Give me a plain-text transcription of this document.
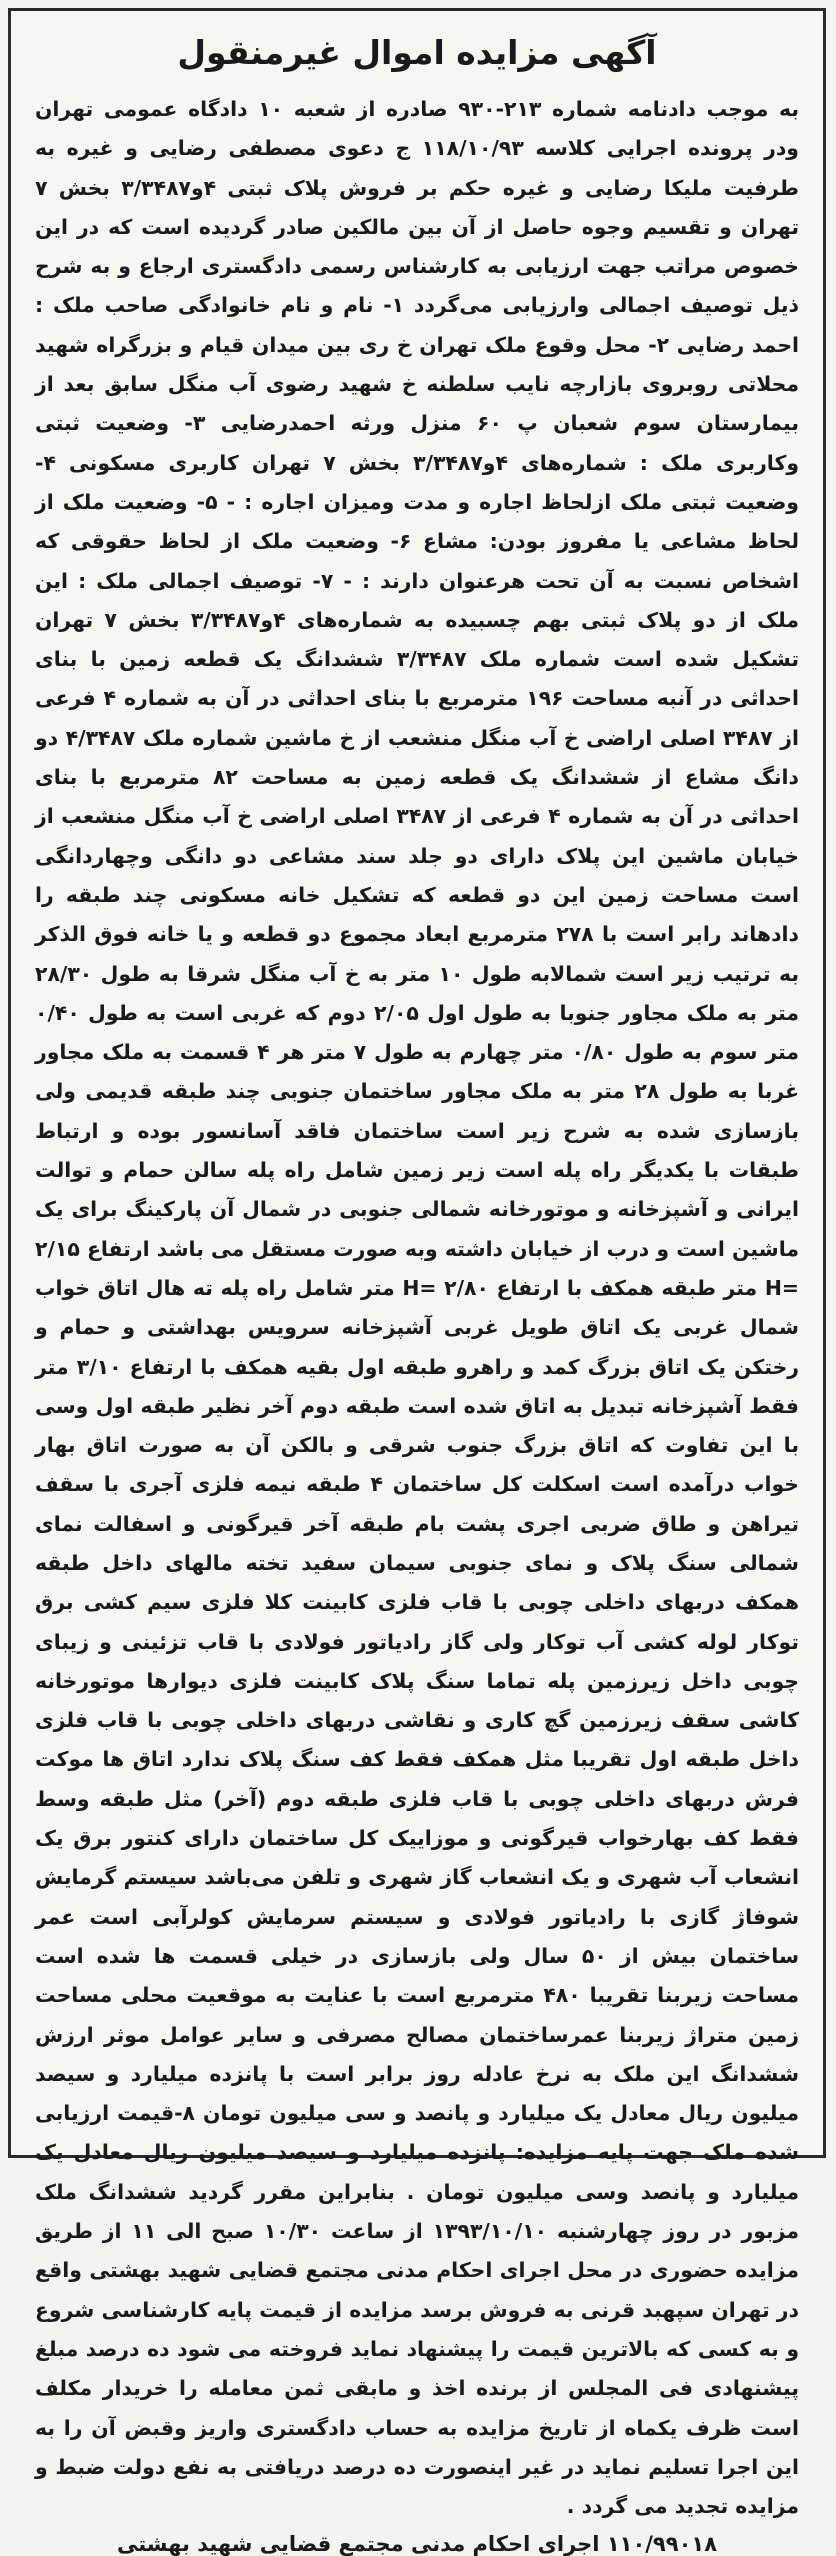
آگهی مزایده اموال غیرمنقول

به موجب دادنامه شماره ۲۱۳-۹۳۰ صادره از شعبه ۱۰ دادگاه عمومی تهران ودر پرونده اجرایی کلاسه ۱۱۸/۱۰/۹۳ ج دعوی مصطفی رضایی و غیره به طرفیت ملیکا رضایی و غیره حکم بر فروش پلاک ثبتی ۴و۳/۳۴۸۷ بخش ۷ تهران و تقسیم وجوه حاصل از آن بین مالکین صادر گردیده است که در این خصوص مراتب جهت ارزیابی به کارشناس رسمی دادگستری ارجاع و به شرح ذیل توصیف اجمالی وارزیابی می‌گردد ۱- نام و نام خانوادگی صاحب ملک : احمد رضایی ۲- محل وقوع ملک تهران خ ری بین میدان قیام و بزرگراه شهید محلاتی روبروی بازارچه نایب سلطنه خ شهید رضوی آب منگل سابق بعد از بیمارستان سوم شعبان پ ۶۰ منزل ورثه احمدرضایی ۳- وضعیت ثبتی وکاربری ملک : شماره‌های ۴و۳/۳۴۸۷ بخش ۷ تهران کاربری مسکونی ۴- وضعیت ثبتی ملک ازلحاظ اجاره و مدت ومیزان اجاره : - ۵- وضعیت ملک از لحاظ مشاعی یا مفروز بودن: مشاع ۶- وضعیت ملک از لحاظ حقوقی که اشخاص نسبت به آن تحت هرعنوان دارند : - ۷- توصیف اجمالی ملک : این ملک از دو پلاک ثبتی بهم چسبیده به شماره‌های ۴و۳/۳۴۸۷ بخش ۷ تهران تشکیل شده است شماره ملک ۳/۳۴۸۷ ششدانگ یک قطعه زمین با بنای احداثی در آنبه مساحت ۱۹۶ مترمربع با بنای احداثی در آن به شماره ۴ فرعی از ۳۴۸۷ اصلی اراضی خ آب منگل منشعب از خ ماشین شماره ملک ۴/۳۴۸۷ دو دانگ مشاع از ششدانگ یک قطعه زمین به مساحت ۸۲ مترمربع با بنای احداثی در آن به شماره ۴ فرعی از ۳۴۸۷ اصلی اراضی خ آب منگل منشعب از خیابان ماشین این پلاک دارای دو جلد سند مشاعی دو دانگی وچهاردانگی است مساحت زمین این دو قطعه که تشکیل خانه مسکونی چند طبقه را دادهاند رابر است با ۲۷۸ مترمربع ابعاد مجموع دو قطعه و یا خانه فوق الذکر به ترتیب زیر است شمالابه طول ۱۰ متر به خ آب منگل شرقا به طول ۲۸/۳۰ متر به ملک مجاور جنوبا به طول اول ۲/۰۵ دوم که غربی است به طول ۰/۴۰ متر سوم به طول ۰/۸۰ متر چهارم به طول ۷ متر هر ۴ قسمت به ملک مجاور غربا به طول ۲۸ متر به ملک مجاور ساختمان جنوبی چند طبقه قدیمی ولی بازسازی شده به شرح زیر است ساختمان فاقد آسانسور بوده و ارتباط طبقات با یکدیگر راه پله است زیر زمین شامل راه پله سالن حمام و توالت ایرانی و آشپزخانه و موتورخانه شمالی جنوبی در شمال آن پارکینگ برای یک ماشین است و درب از خیابان داشته وبه صورت مستقل می باشد ارتفاع ۲/۱۵ =H متر طبقه همکف با ارتفاع ۲/۸۰ =H متر شامل راه پله ته هال اتاق خواب شمال غربی یک اتاق طویل غربی آشپزخانه سرویس بهداشتی و حمام و رختکن یک اتاق بزرگ کمد و راهرو طبقه اول بقیه همکف با ارتفاع ۳/۱۰ متر فقط آشپزخانه تبدیل به اتاق شده است طبقه دوم آخر نظیر طبقه اول وسی با این تفاوت که اتاق بزرگ جنوب شرقی و بالکن آن به صورت اتاق بهار خواب درآمده است اسکلت کل ساختمان ۴ طبقه نیمه فلزی آجری با سقف تیراهن و طاق ضربی اجری پشت بام طبقه آخر قیرگونی و اسفالت نمای شمالی سنگ پلاک و نمای جنوبی سیمان سفید تخته مالهای داخل طبقه همکف دربهای داخلی چوبی با قاب فلزی کابینت کلا فلزی سیم کشی برق توکار لوله کشی آب توکار ولی گاز رادیاتور فولادی با قاب تزئینی و زیبای چوبی داخل زیرزمین پله تماما سنگ پلاک کابینت فلزی دیوارها موتورخانه کاشی سقف زیرزمین گچ کاری و نقاشی دربهای داخلی چوبی با قاب فلزی داخل طبقه اول تقریبا مثل همکف فقط کف سنگ پلاک ندارد اتاق ها موکت فرش دربهای داخلی چوبی با قاب فلزی طبقه دوم (آخر) مثل طبقه وسط فقط کف بهارخواب قیرگونی و موزاییک کل ساختمان دارای کنتور برق یک انشعاب آب شهری و یک انشعاب گاز شهری و تلفن می‌باشد سیستم گرمایش شوفاژ گازی با رادیاتور فولادی و سیستم سرمایش کولرآبی است عمر ساختمان بیش از ۵۰ سال ولی بازسازی در خیلی قسمت ها شده است مساحت زیربنا تقریبا ۴۸۰ مترمربع است با عنایت به موقعیت محلی مساحت زمین متراژ زیربنا عمرساختمان مصالح مصرفی و سایر عوامل موثر ارزش ششدانگ این ملک به نرخ عادله روز برابر است با پانزده میلیارد و سیصد میلیون ریال معادل یک میلیارد و پانصد و سی میلیون تومان ۸-قیمت ارزیابی شده ملک جهت پایه مزایده: پانزده میلیارد و سیصد میلیون ریال معادل یک میلیارد و پانصد وسی میلیون تومان . بنابراین مقرر گردید ششدانگ ملک مزبور در روز چهارشنبه ۱۳۹۳/۱۰/۱۰ از ساعت ۱۰/۳۰ صبح الی ۱۱ از طریق مزایده حضوری در محل اجرای احکام مدنی مجتمع قضایی شهید بهشتی واقع در تهران سپهبد قرنی به فروش برسد مزایده از قیمت پایه کارشناسی شروع و به کسی که بالاترین قیمت را پیشنهاد نماید فروخته می شود ده درصد مبلغ پیشنهادی فی المجلس از برنده اخذ و مابقی ثمن معامله را خریدار مکلف است ظرف یکماه از تاریخ مزایده به حساب دادگستری واریز وقبض آن را به این اجرا تسلیم نماید در غیر اینصورت ده درصد دریافتی به نفع دولت ضبط و مزایده تجدید می گردد .

۱۱۰/۹۹۰۱۸ اجرای احکام مدنی مجتمع قضایی شهید بهشتی
